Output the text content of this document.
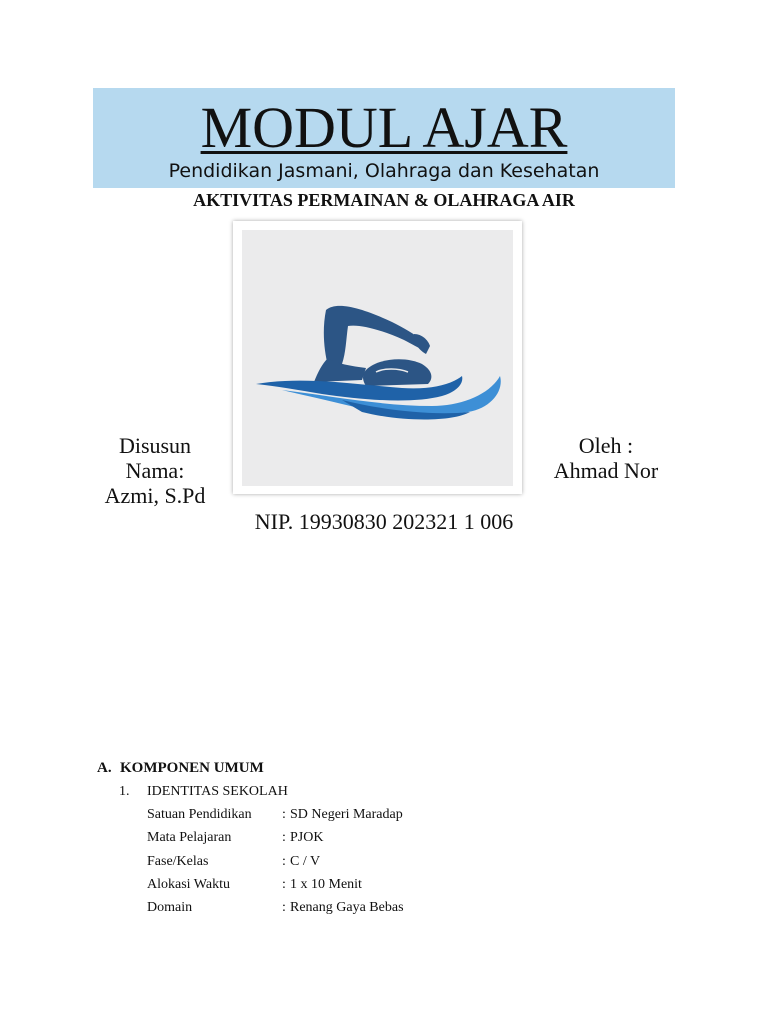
MODUL AJAR
Pendidikan Jasmani, Olahraga dan Kesehatan
AKTIVITAS PERMAINAN & OLAHRAGA AIR
Disusun
Nama:
Azmi, S.Pd
Oleh :
Ahmad Nor
NIP. 19930830 202321 1 006
A. KOMPONEN UMUM
1. IDENTITAS SEKOLAH
Satuan Pendidikan : SD Negeri Maradap
Mata Pelajaran	: PJOK
Fase/Kelas	: C / V
Alokasi Waktu	: 1 x 10 Menit
Domain	: Renang Gaya Bebas
